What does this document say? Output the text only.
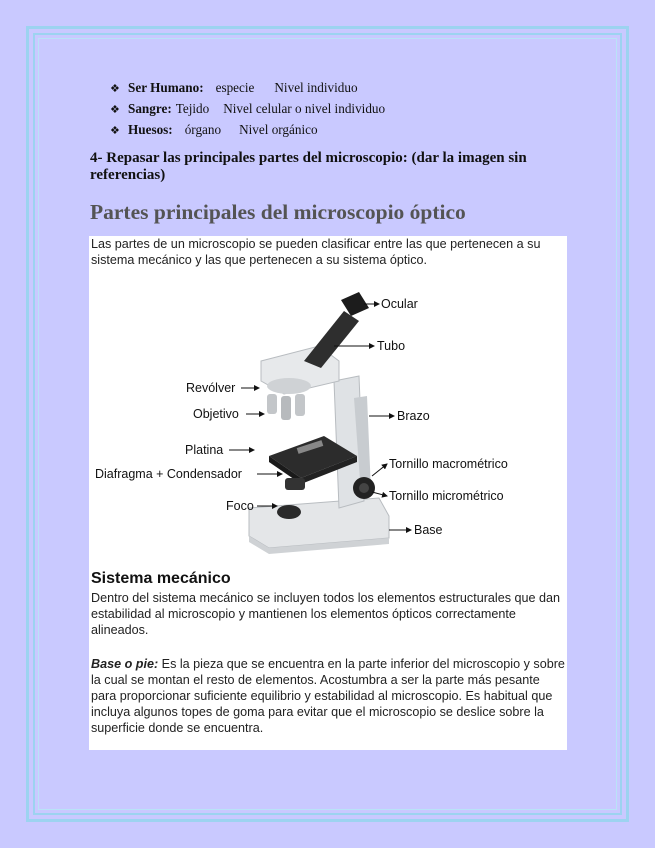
❖ Ser Humano: especie Nivel individuo
❖ Sangre: Tejido Nivel celular o nivel individuo
❖ Huesos: órgano Nivel orgánico
4- Repasar las principales partes del microscopio: (dar la imagen sin referencias)
Partes principales del microscopio óptico
Las partes de un microscopio se pueden clasificar entre las que pertenecen a su sistema mecánico y las que pertenecen a su sistema óptico.
Ocular
Tubo
Revólver
Objetivo	Brazo
Platina
Diafragma + Condensador
Tornillo macrométrico
Tornillo micrométrico
Foco
Base
Sistema mecánico
Dentro del sistema mecánico se incluyen todos los elementos estructurales que dan estabilidad al microscopio y mantienen los elementos ópticos correctamente alineados.
Base o pie: Es la pieza que se encuentra en la parte inferior del microscopio y sobre la cual se montan el resto de elementos. Acostumbra a ser la parte más pesante para proporcionar suficiente equilibrio y estabilidad al microscopio. Es habitual que incluya algunos topes de goma para evitar que el microscopio se deslice sobre la superficie donde se encuentra.
